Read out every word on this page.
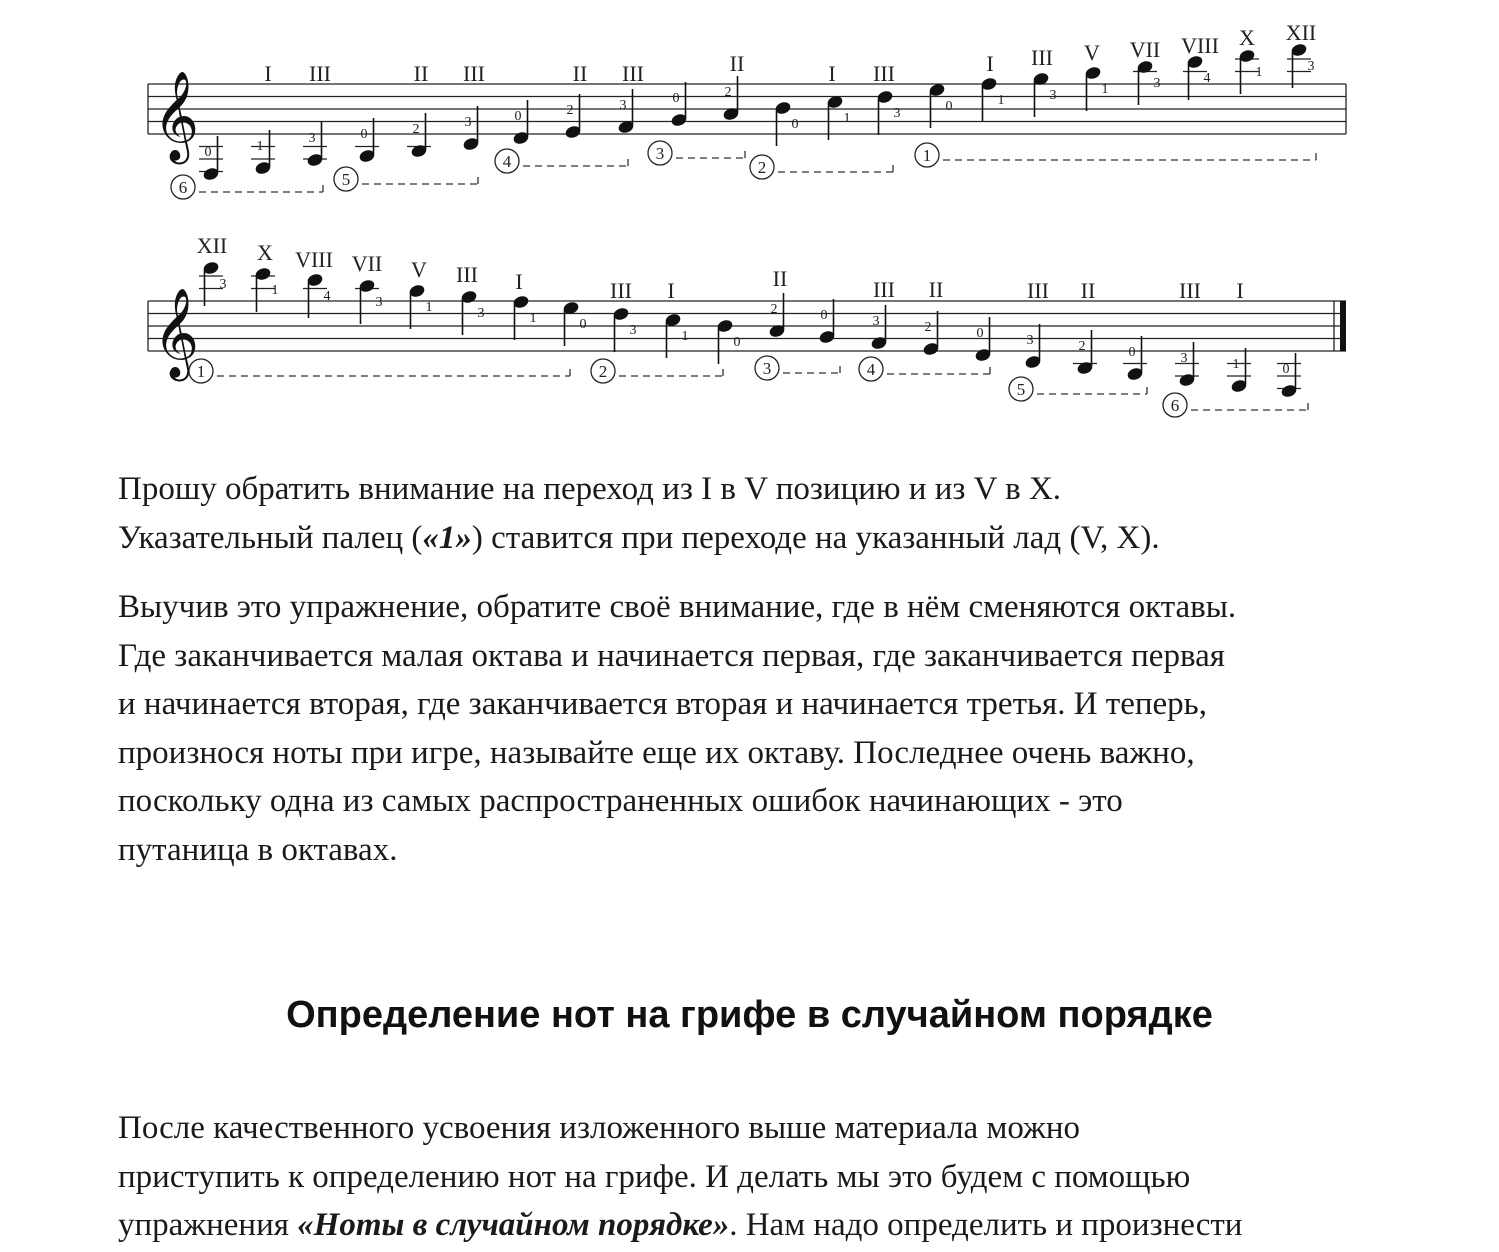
𝄞 0	1
3	0	2	3	0	2	3	0	2
0	1	3	0	1	3	1	3	4	1	3
I III	II III	II III	II	I III	I III V VII VIII X XII
6	5
4	3
2
1
𝄞
3	1	4	3	1	3	1	0	3	1	0
2	0	3	2	0	3	2	0	3	1	0
XII X VIII VII V III I	III I	II	III II	III II	III I
1	2	3	4
5
6
Прошу обратить внимание на переход из I в V позицию и из V в X.
Указательный палец («1») ставится при переходе на указанный лад (V, X).
Выучив это упражнение, обратите своё внимание, где в нём сменяются октавы.
Где заканчивается малая октава и начинается первая, где заканчивается первая
и начинается вторая, где заканчивается вторая и начинается третья. И теперь,
произнося ноты при игре, называйте еще их октаву. Последнее очень важно,
поскольку одна из самых распространенных ошибок начинающих - это
путаница в октавах.
Определение нот на грифе в случайном порядке
После качественного усвоения изложенного выше материала можно
приступить к определению нот на грифе. И делать мы это будем с помощью
упражнения «Ноты в случайном порядке». Нам надо определить и произнести
